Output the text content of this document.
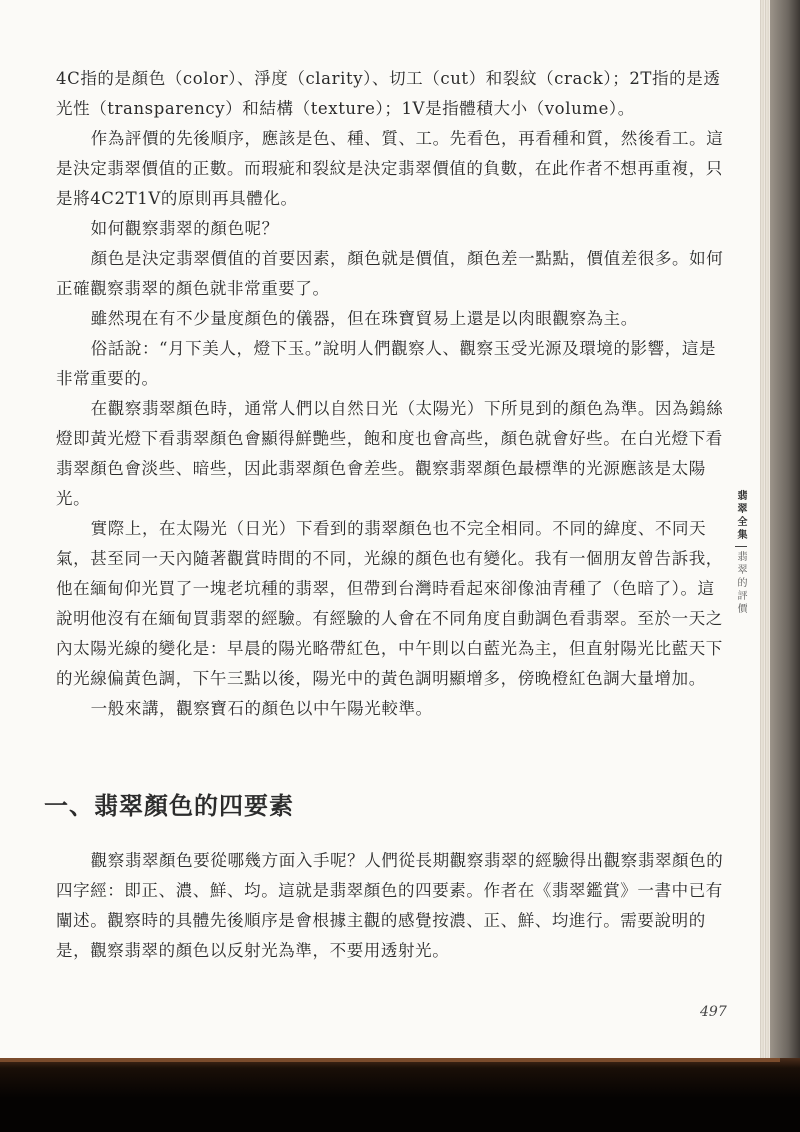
4C指的是顏色（color）、淨度（clarity）、切工（cut）和裂紋（crack）；2T指的是透光性（transparency）和結構（texture）；1V是指體積大小（volume）。

作為評價的先後順序，應該是色、種、質、工。先看色，再看種和質，然後看工。這是決定翡翠價值的正數。而瑕疵和裂紋是決定翡翠價值的負數，在此作者不想再重複，只是將4C2T1V的原則再具體化。

如何觀察翡翠的顏色呢？

顏色是決定翡翠價值的首要因素，顏色就是價值，顏色差一點點，價值差很多。如何正確觀察翡翠的顏色就非常重要了。

雖然現在有不少量度顏色的儀器，但在珠寶貿易上還是以肉眼觀察為主。

俗話說：“月下美人，燈下玉。”說明人們觀察人、觀察玉受光源及環境的影響，這是非常重要的。

在觀察翡翠顏色時，通常人們以自然日光（太陽光）下所見到的顏色為準。因為鎢絲燈即黃光燈下看翡翠顏色會顯得鮮艷些，飽和度也會高些，顏色就會好些。在白光燈下看翡翠顏色會淡些、暗些，因此翡翠顏色會差些。觀察翡翠顏色最標準的光源應該是太陽光。

實際上，在太陽光（日光）下看到的翡翠顏色也不完全相同。不同的緯度、不同天氣，甚至同一天內隨著觀賞時間的不同，光線的顏色也有變化。我有一個朋友曾告訴我，他在緬甸仰光買了一塊老坑種的翡翠，但帶到台灣時看起來卻像油青種了（色暗了）。這說明他沒有在緬甸買翡翠的經驗。有經驗的人會在不同角度自動調色看翡翠。至於一天之內太陽光線的變化是：早晨的陽光略帶紅色，中午則以白藍光為主，但直射陽光比藍天下的光線偏黃色調，下午三點以後，陽光中的黃色調明顯增多，傍晚橙紅色調大量增加。

一般來講，觀察寶石的顏色以中午陽光較準。

一、翡翠顏色的四要素

觀察翡翠顏色要從哪幾方面入手呢？人們從長期觀察翡翠的經驗得出觀察翡翠顏色的四字經：即正、濃、鮮、均。這就是翡翠顏色的四要素。作者在《翡翠鑑賞》一書中已有闡述。觀察時的具體先後順序是會根據主觀的感覺按濃、正、鮮、均進行。需要說明的是，觀察翡翠的顏色以反射光為準，不要用透射光。

翡翠全集
翡翠的評價
497
